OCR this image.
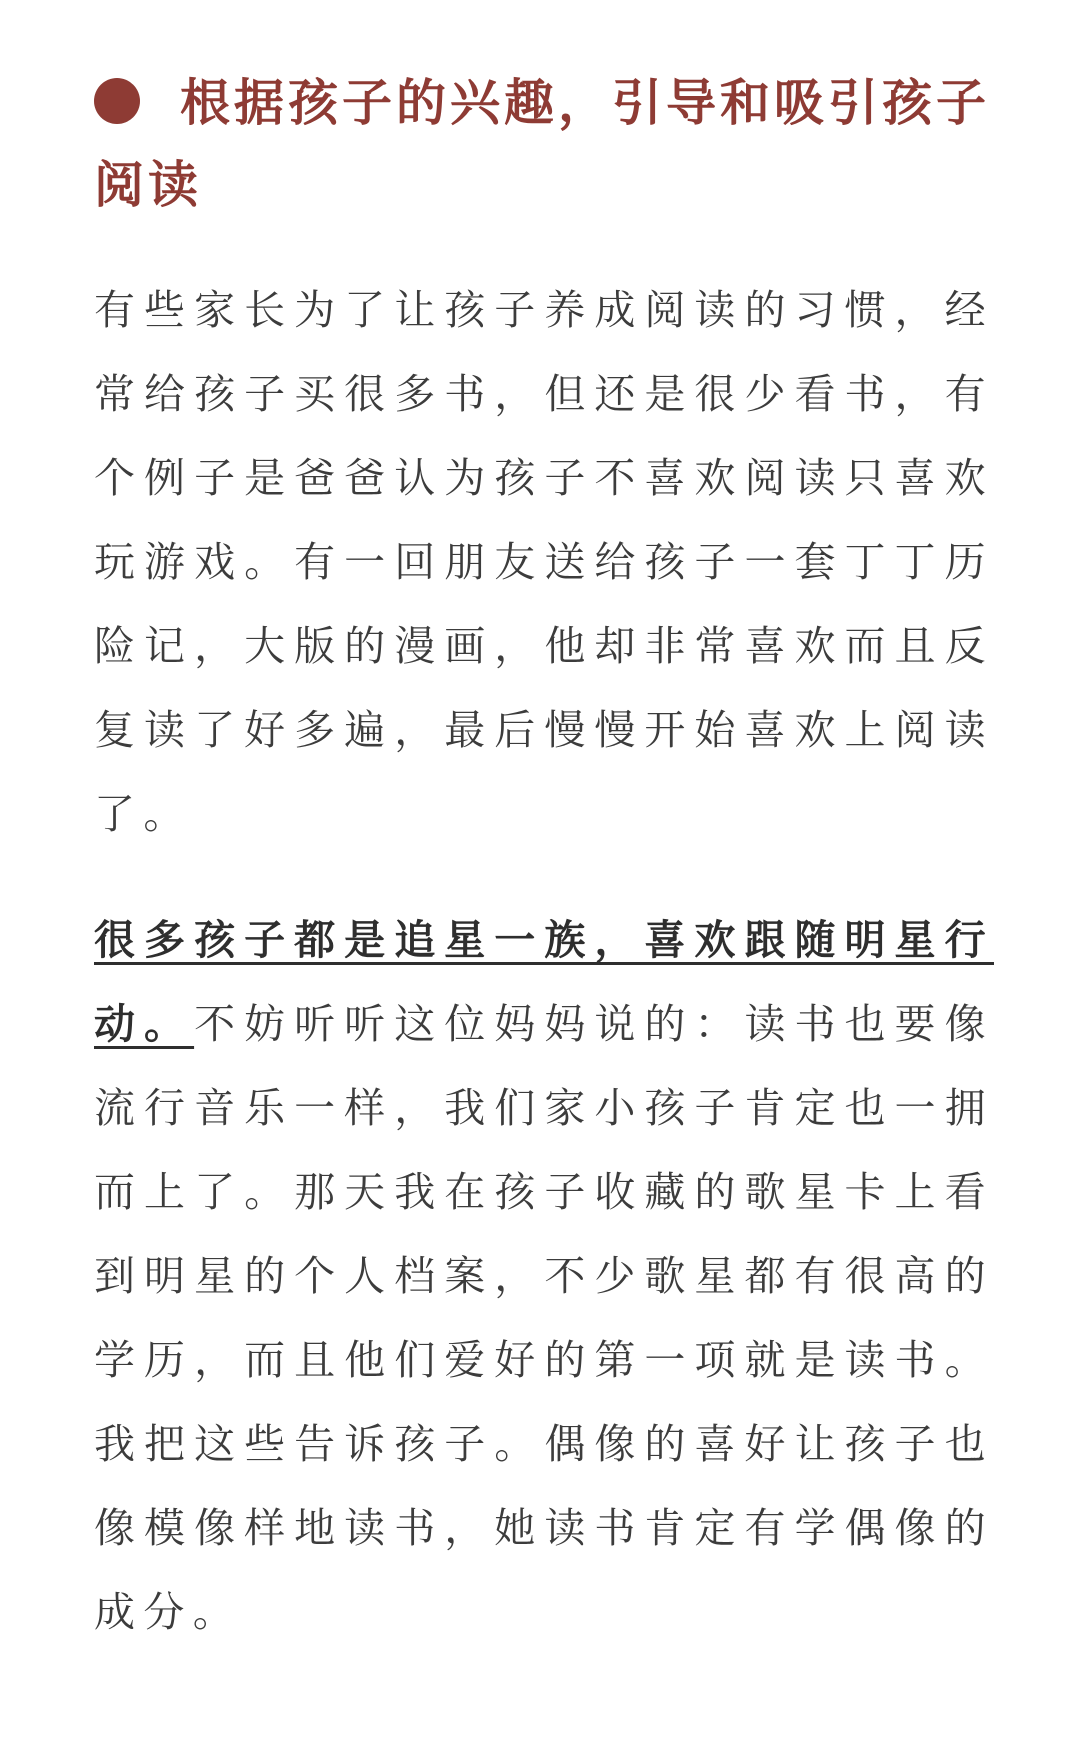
根据孩子的兴趣，引导和吸引孩子阅读

有些家长为了让孩子养成阅读的习惯，经常给孩子买很多书，但还是很少看书，有个例子是爸爸认为孩子不喜欢阅读只喜欢玩游戏。有一回朋友送给孩子一套丁丁历险记，大版的漫画，他却非常喜欢而且反复读了好多遍，最后慢慢开始喜欢上阅读了。

很多孩子都是追星一族，喜欢跟随明星行动。不妨听听这位妈妈说的：读书也要像流行音乐一样，我们家小孩子肯定也一拥而上了。那天我在孩子收藏的歌星卡上看到明星的个人档案，不少歌星都有很高的学历，而且他们爱好的第一项就是读书。我把这些告诉孩子。偶像的喜好让孩子也像模像样地读书，她读书肯定有学偶像的成分。
